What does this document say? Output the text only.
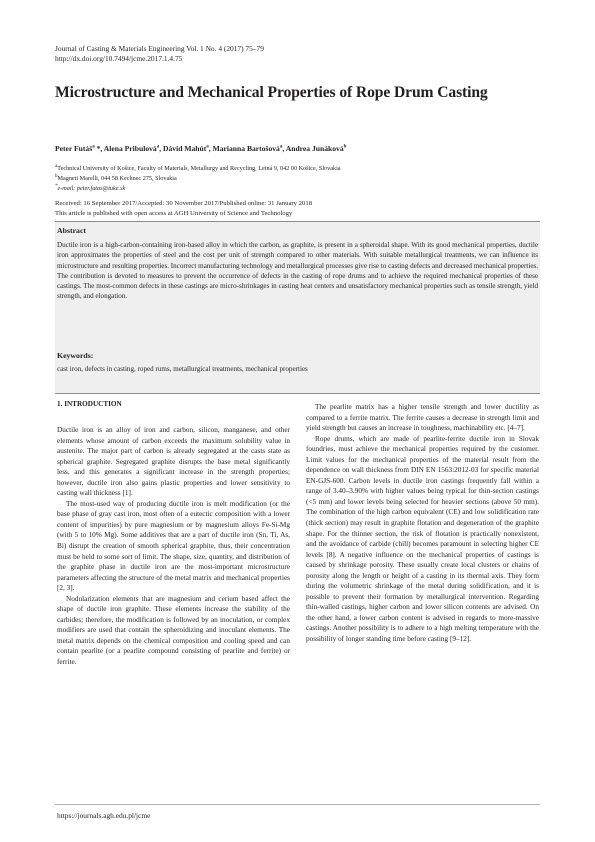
Journal of Casting & Materials Engineering Vol. 1 No. 4 (2017) 75–79
http://dx.doi.org/10.7494/jcme.2017.1.4.75
Microstructure and Mechanical Properties of Rope Drum Casting
Peter Futáš$^a$ *, Alena Pribulová$^a$, Dávid Mahút$^a$, Marianna Bartošová$^a$, Andrea Junáková$^b$
$^a$Technical University of Košice, Faculty of Materials, Metallurgy and Recycling, Letná 9, 042 00 Košice, Slovakia
$^b$Magneti Marelli, 044 58 Kechnec 275, Slovakia
*e-mail: peter.futas@tuke.sk
Received: 16 September 2017/Accepted: 30 November 2017/Published online: 31 January 2018
This article is published with open access at AGH University of Science and Technology
Abstract
Ductile iron is a high-carbon-containing iron-based alloy in which the carbon, as graphite, is present in a spheroidal shape. With its good mechanical properties, ductile iron approximates the properties of steel and the cost per unit of strength compared to other materials. With suitable metallurgical treatments, we can influence its microstructure and resulting properties. Incorrect manufacturing technology and metallurgical processes give rise to casting defects and decreased mechanical properties. The contribution is devoted to measures to prevent the occurrence of defects in the casting of rope drums and to achieve the required mechanical properties of these castings. The most-common defects in these castings are micro-shrinkages in casting heat centers and unsatisfactory mechanical properties such as tensile strength, yield strength, and elongation.
Keywords:
cast iron, defects in casting, roped rums, metallurgical treatments, mechanical properties
1. INTRODUCTION

Ductile iron is an alloy of iron and carbon, silicon, manganese, and other elements whose amount of carbon exceeds the maximum solubility value in austenite. The major part of carbon is already segregated at the casts state as spherical graphite. Segregated graphite disrupts the base metal significantly less, and this generates a significant increase in the strength properties; however, ductile iron also gains plastic properties and lower sensitivity to casting wall thickness [1].

The most-used way of producing ductile iron is melt modification (or the base phase of gray cast iron, most often of a eutectic composition with a lower content of impurities) by pure magnesium or by magnesium alloys Fe-Si-Mg (with 5 to 10% Mg). Some additives that are a part of ductile iron (Sn, Ti, As, Bi) disrupt the creation of smooth spherical graphite, thus, their concentration must be held to some sort of limit. The shape, size, quantity, and distribution of the graphite phase in ductile iron are the most-important microstructure parameters affecting the structure of the metal matrix and mechanical properties [2, 3].

Nodularization elements that are magnesium and cerium based affect the shape of ductile iron graphite. These elements increase the stability of the carbides; therefore, the modification is followed by an inoculation, or complex modifiers are used that contain the spheroidizing and inoculant elements. The metal matrix depends on the chemical composition and cooling speed and can contain pearlite (or a pearlite compound consisting of pearlite and ferrite) or ferrite.

The pearlite matrix has a higher tensile strength and lower ductility as compared to a ferrite matrix. The ferrite causes a decrease in strength limit and yield strength but causes an increase in toughness, machinability etc. [4–7].

Rope drums, which are made of pearlite-ferrite ductile iron in Slovak foundries, must achieve the mechanical properties required by the customer. Limit values for the mechanical properties of the material result from the dependence on wall thickness from DIN EN 1563:2012-03 for specific material EN-GJS-600. Carbon levels in ductile iron castings frequently fall within a range of 3.40–3.90% with higher values being typical for thin-section castings (<5 mm) and lower levels being selected for heavier sections (above 50 mm). The combination of the high carbon equivalent (CE) and low solidification rate (thick section) may result in graphite flotation and degeneration of the graphite shape. For the thinner section, the risk of flotation is practically nonexistent, and the avoidance of carbide (chill) becomes paramount in selecting higher CE levels [8]. A negative influence on the mechanical properties of castings is caused by shrinkage porosity. These usually create local clusters or chains of porosity along the length or height of a casting in its thermal axis. They form during the volumetric shrinkage of the metal during solidification, and it is possible to prevent their formation by metallurgical intervention. Regarding thin-walled castings, higher carbon and lower silicon contents are advised. On the other hand, a lower carbon content is advised in regards to more-massive castings. Another possibility is to adhere to a high melting temperature with the possibility of longer standing time before casting [9–12].

https://journals.agh.edu.pl/jcme
